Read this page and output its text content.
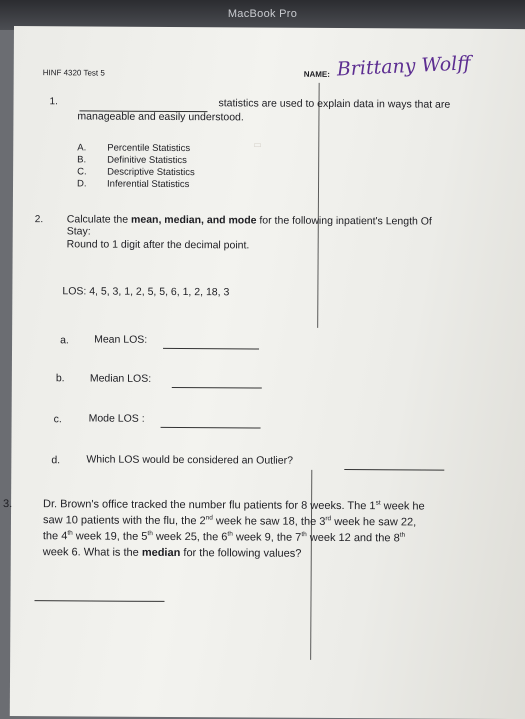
MacBook Pro
▭
HINF 4320 Test 5	NAME: Brittany Wolff
1.	statistics are used to explain data in ways that are
manageable and easily understood.
A. Percentile Statistics
B. Definitive Statistics
C. Descriptive Statistics
D. Inferential Statistics
2. Calculate the mean, median, and mode for the following inpatient's Length Of
Stay:
Round to 1 digit after the decimal point.
LOS: 4, 5, 3, 1, 2, 5, 5, 6, 1, 2, 18, 3
a. Mean LOS:
b. Median LOS:
c.	Mode LOS :
d. Which LOS would be considered an Outlier?
3.	Dr. Brown's office tracked the number flu patients for 8 weeks. The 1st week he
saw 10 patients with the flu, the 2nd week he saw 18, the 3rd week he saw 22,
the 4th week 19, the 5th week 25, the 6th week 9, the 7th week 12 and the 8th
week 6. What is the median for the following values?
